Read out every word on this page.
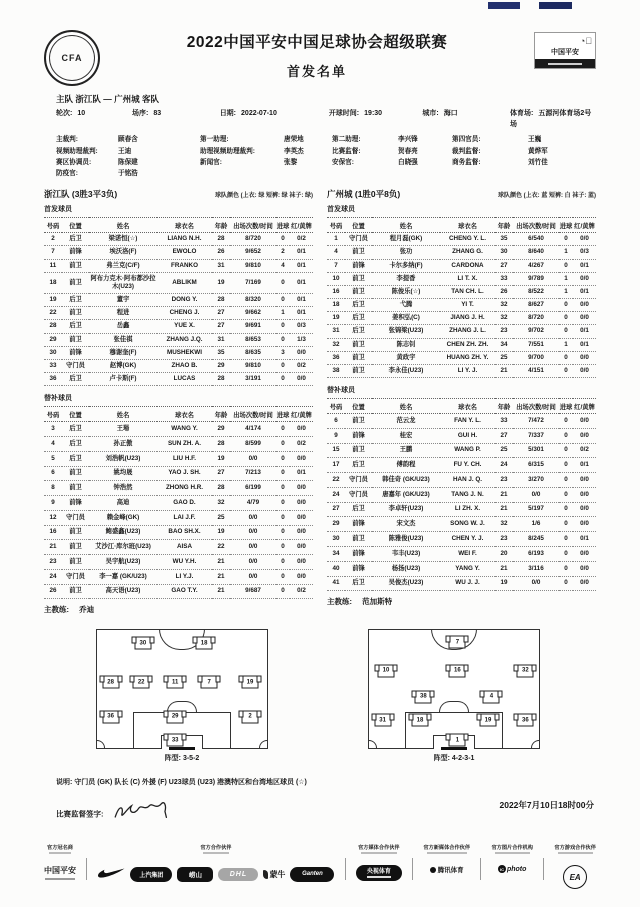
CFA
2022中国平安中国足球协会超级联赛
首发名单
◔⃠
中国平安
主队 浙江队 — 广州城 客队
轮次: 10	场序: 83	日期: 2022-07-10	开球时间: 19:30	城市: 海口	体育场: 五源河体育场2号场
主裁判:	顾春含	第一助理:	唐荣地	第二助理:	李兴锋	第四官员:	王巍
视频助理裁判:	王迪	助理视频助理裁判:	李英杰	比赛监督:	贺春亮	裁判监督:	黄烨军
赛区协调员:	陈保建	新闻官:	张黎	安保官:	白晓强	商务监督:	刘竹佳
防疫官:	于铭浩
浙江队 (3胜3平3负)	球队颜色 (上衣: 绿 短裤: 绿 袜子: 绿)
首发球员
号码	位置	姓名	球衣名	年龄	出场次数/时间	进球	红/黄牌
2	后卫	梁诺恒(☆)	LIANG N.H.	28	8/720	0	0/2
7	前锋	埃沃洛(F)	EWOLO	26	9/652	2	0/1
11	前卫	弗兰克(C/F)	FRANKO	31	9/810	4	0/1
18	前卫	阿布力克木·阿布都沙拉木(U23)	ABLIKM	19	7/169	0	0/1
19	后卫	董宇	DONG Y.	28	8/320	0	0/1
22	前卫	程进	CHENG J.	27	9/662	1	0/1
28	后卫	岳鑫	YUE X.	27	9/691	0	0/3
29	前卫	张佳祺	ZHANG J.Q.	31	8/653	0	1/3
30	前锋	穆谢奎(F)	MUSHEKWI	35	8/635	3	0/0
33	守门员	赵博(GK)	ZHAO B.	29	9/810	0	0/2
36	后卫	卢卡斯(F)	LUCAS	28	3/191	0	0/0
替补球员
号码	位置	姓名	球衣名	年龄	出场次数/时间	进球	红/黄牌
3	后卫	王瑒	WANG Y.	29	4/174	0	0/0
4	后卫	孙正傲	SUN ZH. A.	28	8/599	0	0/2
5	后卫	刘浩帆(U23)	LIU H.F.	19	0/0	0	0/0
6	前卫	姚均晟	YAO J. SH.	27	7/213	0	0/1
8	前卫	钟浩然	ZHONG H.R.	28	6/199	0	0/0
9	前锋	高迪	GAO D.	32	4/79	0	0/0
12	守门员	赖金峰(GK)	LAI J.F.	25	0/0	0	0/0
16	前卫	鲍盛鑫(U23)	BAO SH.X.	19	0/0	0	0/0
21	前卫	艾沙江·库尔班(U23)	AISA	22	0/0	0	0/0
23	前卫	吴宇航(U23)	WU Y.H.	21	0/0	0	0/0
24	守门员	李一嘉 (GK/U23)	LI Y.J.	21	0/0	0	0/0
26	前卫	高天语(U23)	GAO T.Y.	21	9/687	0	0/2
主教练: 乔迪
广州城 (1胜0平8负)	球队颜色 (上衣: 蓝 短裤: 白 袜子: 蓝)
首发球员
号码	位置	姓名	球衣名	年龄	出场次数/时间	进球	红/黄牌
1	守门员	程月磊(GK)	CHENG Y. L.	35	6/540	0	0/0
4	前卫	张功	ZHANG G.	30	8/640	1	0/3
7	前锋	卡尔多纳(F)	CARDONA	27	4/267	0	0/1
10	前卫	李提香	LI T. X.	33	9/789	1	0/0
16	前卫	陈俊乐(☆)	TAN CH. L.	26	8/522	1	0/1
18	后卫	弋腾	YI T.	32	8/627	0	0/0
19	后卫	姜积弘(C)	JIANG J. H.	32	8/720	0	0/0
31	后卫	张锦梁(U23)	ZHANG J. L.	23	9/702	0	0/1
32	前卫	陈志钊	CHEN ZH. ZH.	34	7/551	1	0/1
36	前卫	黄政宇	HUANG ZH. Y.	25	9/700	0	0/0
38	前卫	李永佳(U23)	LI Y. J.	21	4/151	0	0/0
替补球员
号码	位置	姓名	球衣名	年龄	出场次数/时间	进球	红/黄牌
6	前卫	范云龙	FAN Y. L.	33	7/472	0	0/0
9	前锋	桂宏	GUI H.	27	7/337	0	0/0
15	前卫	王鹏	WANG P.	25	5/301	0	0/2
17	后卫	傅韵程	FU Y. CH.	24	6/315	0	0/1
22	守门员	韩佳奇 (GK/U23)	HAN J. Q.	23	3/270	0	0/0
24	守门员	唐嘉年 (GK/U23)	TANG J. N.	21	0/0	0	0/0
27	后卫	李卓轩(U23)	LI ZH. X.	21	5/197	0	0/0
29	前锋	宋文杰	SONG W. J.	32	1/6	0	0/0
30	前卫	陈雅俊(U23)	CHEN Y. J.	23	8/245	0	0/1
34	前锋	韦丰(U23)	WEI F.	20	6/193	0	0/0
40	前锋	杨扬(U23)	YANG Y.	21	3/116	0	0/0
41	后卫	吴俊杰(U23)	WU J. J.	19	0/0	0	0/0
主教练: 范加斯特
30	18
28	22	11	7	19
36	29	2
33
阵型: 3-5-2
7
10	16	32
38	4
31	18	19	36
1
阵型: 4-2-3-1
说明: 守门员 (GK) 队长 (C) 外援 (F) U23球员 (U23) 港澳特区和台湾地区球员 (☆)
比赛监督签字:
2022年7月10日18时00分
官方冠名商
中国平安
官方合作伙伴
上汽集团	崂山	DHL	蒙牛	Ganten
官方媒体合作伙伴
央视体育
官方新媒体合作伙伴
腾讯体育
官方图片合作机构
IC photo
官方游戏合作伙伴
EA
